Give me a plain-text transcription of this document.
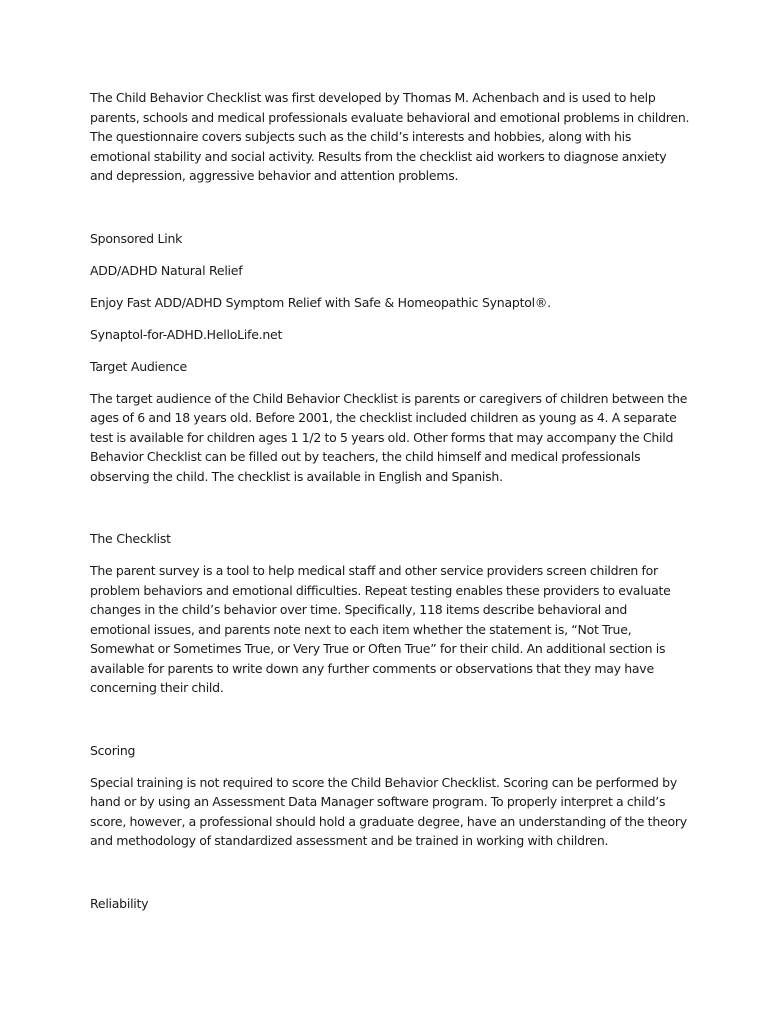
The Child Behavior Checklist was first developed by Thomas M. Achenbach and is used to help parents, schools and medical professionals evaluate behavioral and emotional problems in children. The questionnaire covers subjects such as the child’s interests and hobbies, along with his emotional stability and social activity. Results from the checklist aid workers to diagnose anxiety and depression, aggressive behavior and attention problems.

Sponsored Link

ADD/ADHD Natural Relief

Enjoy Fast ADD/ADHD Symptom Relief with Safe & Homeopathic Synaptol®.

Synaptol-for-ADHD.HelloLife.net

Target Audience

The target audience of the Child Behavior Checklist is parents or caregivers of children between the ages of 6 and 18 years old. Before 2001, the checklist included children as young as 4. A separate test is available for children ages 1 1/2 to 5 years old. Other forms that may accompany the Child Behavior Checklist can be filled out by teachers, the child himself and medical professionals observing the child. The checklist is available in English and Spanish.

The Checklist

The parent survey is a tool to help medical staff and other service providers screen children for problem behaviors and emotional difficulties. Repeat testing enables these providers to evaluate changes in the child’s behavior over time. Specifically, 118 items describe behavioral and emotional issues, and parents note next to each item whether the statement is, “Not True, Somewhat or Sometimes True, or Very True or Often True” for their child. An additional section is available for parents to write down any further comments or observations that they may have concerning their child.

Scoring

Special training is not required to score the Child Behavior Checklist. Scoring can be performed by hand or by using an Assessment Data Manager software program. To properly interpret a child’s score, however, a professional should hold a graduate degree, have an understanding of the theory and methodology of standardized assessment and be trained in working with children.

Reliability
